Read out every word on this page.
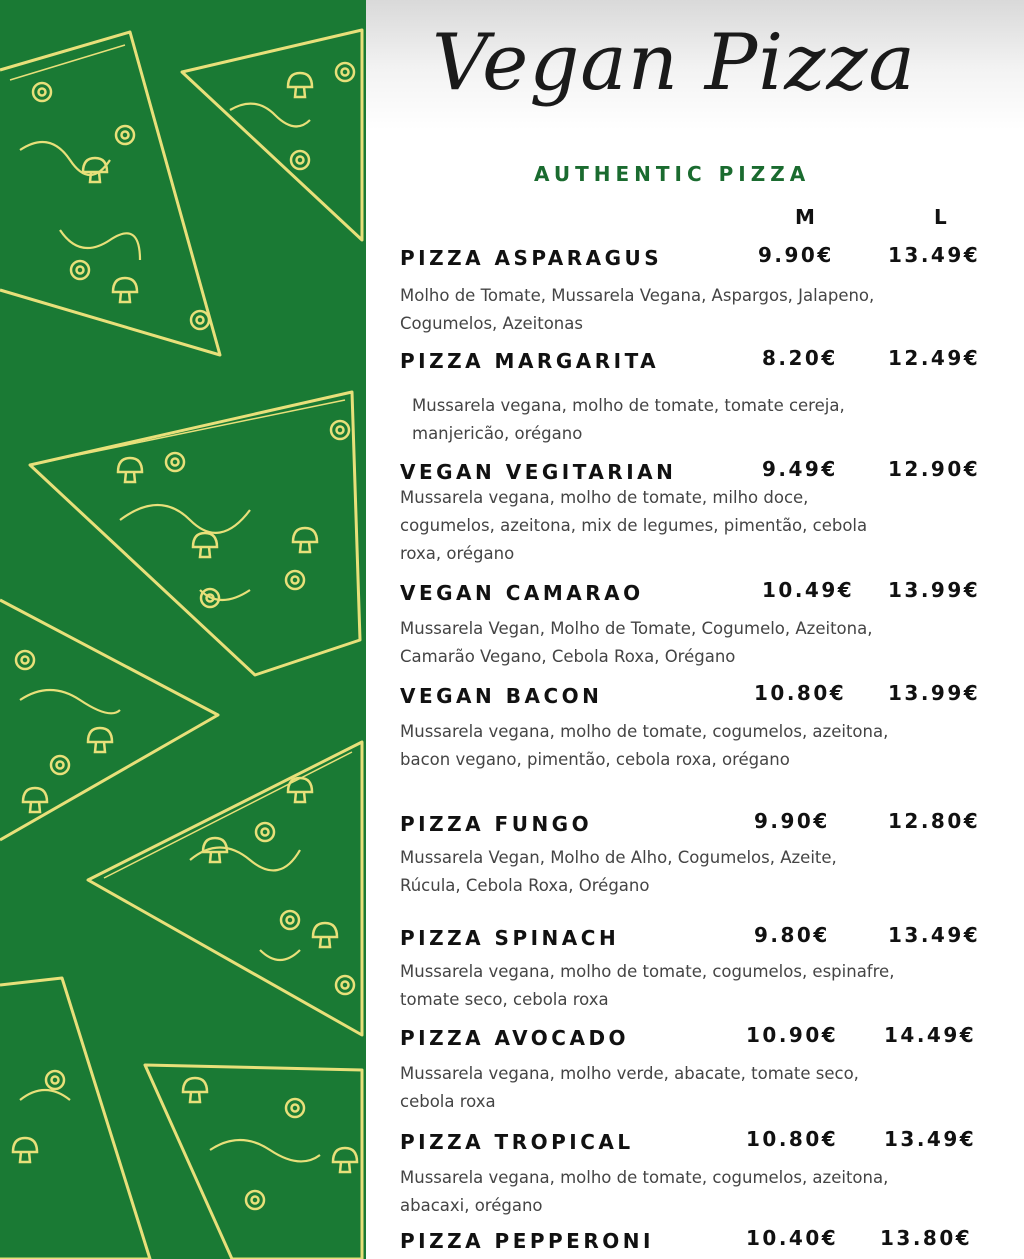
Vegan Pizza
AUTHENTIC PIZZA
M	L
PIZZA ASPARAGUS	9.90€	13.49€
Molho de Tomate, Mussarela Vegana, Aspargos, Jalapeno,
Cogumelos, Azeitonas
PIZZA MARGARITA	8.20€	12.49€
Mussarela vegana, molho de tomate, tomate cereja,
manjericão, orégano
VEGAN VEGITARIAN	9.49€	12.90€
Mussarela vegana, molho de tomate, milho doce,
cogumelos, azeitona, mix de legumes, pimentão, cebola
roxa, orégano
VEGAN CAMARAO	10.49€ 13.99€
Mussarela Vegan, Molho de Tomate, Cogumelo, Azeitona,
Camarão Vegano, Cebola Roxa, Orégano
VEGAN BACON	10.80€ 13.99€
Mussarela vegana, molho de tomate, cogumelos, azeitona,
bacon vegano, pimentão, cebola roxa, orégano
PIZZA FUNGO	9.90€	12.80€
Mussarela Vegan, Molho de Alho, Cogumelos, Azeite,
Rúcula, Cebola Roxa, Orégano
PIZZA SPINACH	9.80€	13.49€
Mussarela vegana, molho de tomate, cogumelos, espinafre,
tomate seco, cebola roxa
PIZZA AVOCADO	10.90€ 14.49€
Mussarela vegana, molho verde, abacate, tomate seco,
cebola roxa
PIZZA TROPICAL	10.80€ 13.49€
Mussarela vegana, molho de tomate, cogumelos, azeitona,
abacaxi, orégano
PIZZA PEPPERONI	10.40€ 13.80€
